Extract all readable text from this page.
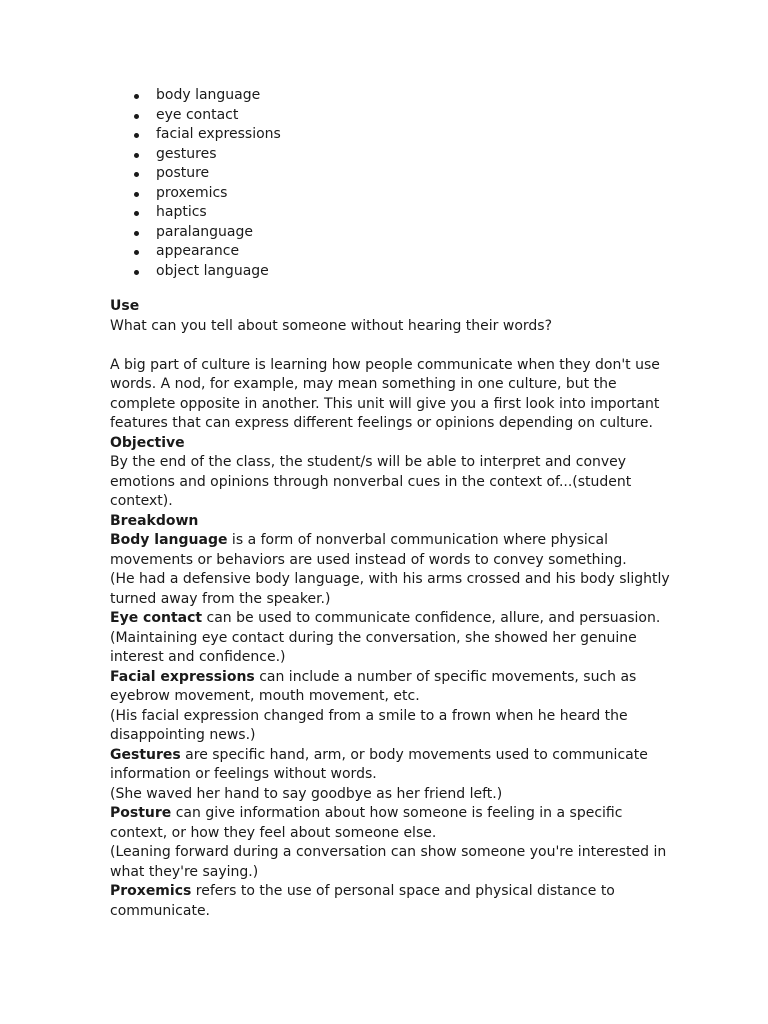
body language
eye contact
facial expressions
gestures
posture
proxemics
haptics
paralanguage
appearance
object language

Use

What can you tell about someone without hearing their words?

A big part of culture is learning how people communicate when they don't use words. A nod, for example, may mean something in one culture, but the complete opposite in another. This unit will give you a first look into important features that can express different feelings or opinions depending on culture.

Objective

By the end of the class, the student/s will be able to interpret and convey emotions and opinions through nonverbal cues in the context of...(student context).

Breakdown

Body language is a form of nonverbal communication where physical movements or behaviors are used instead of words to convey something.

(He had a defensive body language, with his arms crossed and his body slightly turned away from the speaker.)

Eye contact can be used to communicate confidence, allure, and persuasion.

(Maintaining eye contact during the conversation, she showed her genuine interest and confidence.)

Facial expressions can include a number of specific movements, such as eyebrow movement, mouth movement, etc.

(His facial expression changed from a smile to a frown when he heard the disappointing news.)

Gestures are specific hand, arm, or body movements used to communicate information or feelings without words.

(She waved her hand to say goodbye as her friend left.)

Posture can give information about how someone is feeling in a specific context, or how they feel about someone else.

(Leaning forward during a conversation can show someone you're interested in what they're saying.)

Proxemics refers to the use of personal space and physical distance to communicate.
